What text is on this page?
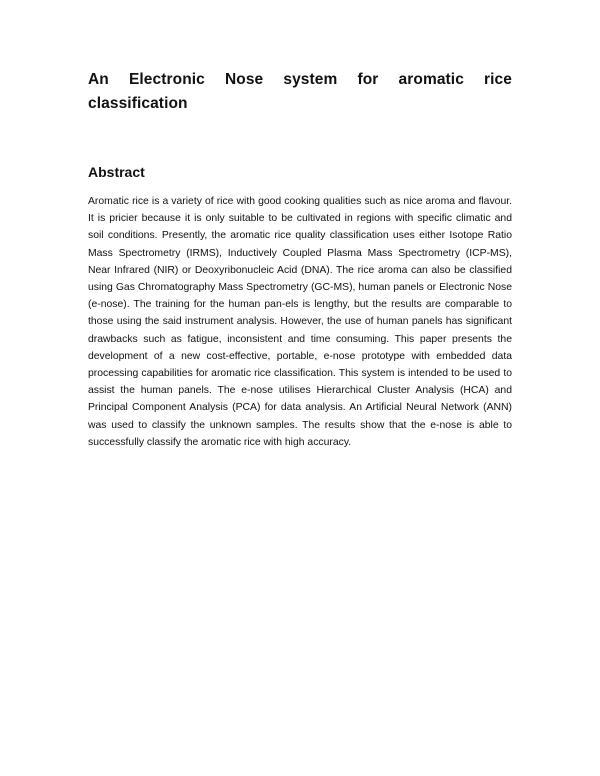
An Electronic Nose system for aromatic rice classification
Abstract

Aromatic rice is a variety of rice with good cooking qualities such as nice aroma and flavour. It is pricier because it is only suitable to be cultivated in regions with specific climatic and soil conditions. Presently, the aromatic rice quality classification uses either Isotope Ratio Mass Spectrometry (IRMS), Inductively Coupled Plasma Mass Spectrometry (ICP-MS), Near Infrared (NIR) or Deoxyribonucleic Acid (DNA). The rice aroma can also be classified using Gas Chromatography Mass Spectrometry (GC-MS), human panels or Electronic Nose (e-nose). The training for the human pan-els is lengthy, but the results are comparable to those using the said instrument analysis. However, the use of human panels has significant drawbacks such as fatigue, inconsistent and time consuming. This paper presents the development of a new cost-effective, portable, e-nose prototype with embedded data processing capabilities for aromatic rice classification. This system is intended to be used to assist the human panels. The e-nose utilises Hierarchical Cluster Analysis (HCA) and Principal Component Analysis (PCA) for data analysis. An Artificial Neural Network (ANN) was used to classify the unknown samples. The results show that the e-nose is able to successfully classify the aromatic rice with high accuracy.
